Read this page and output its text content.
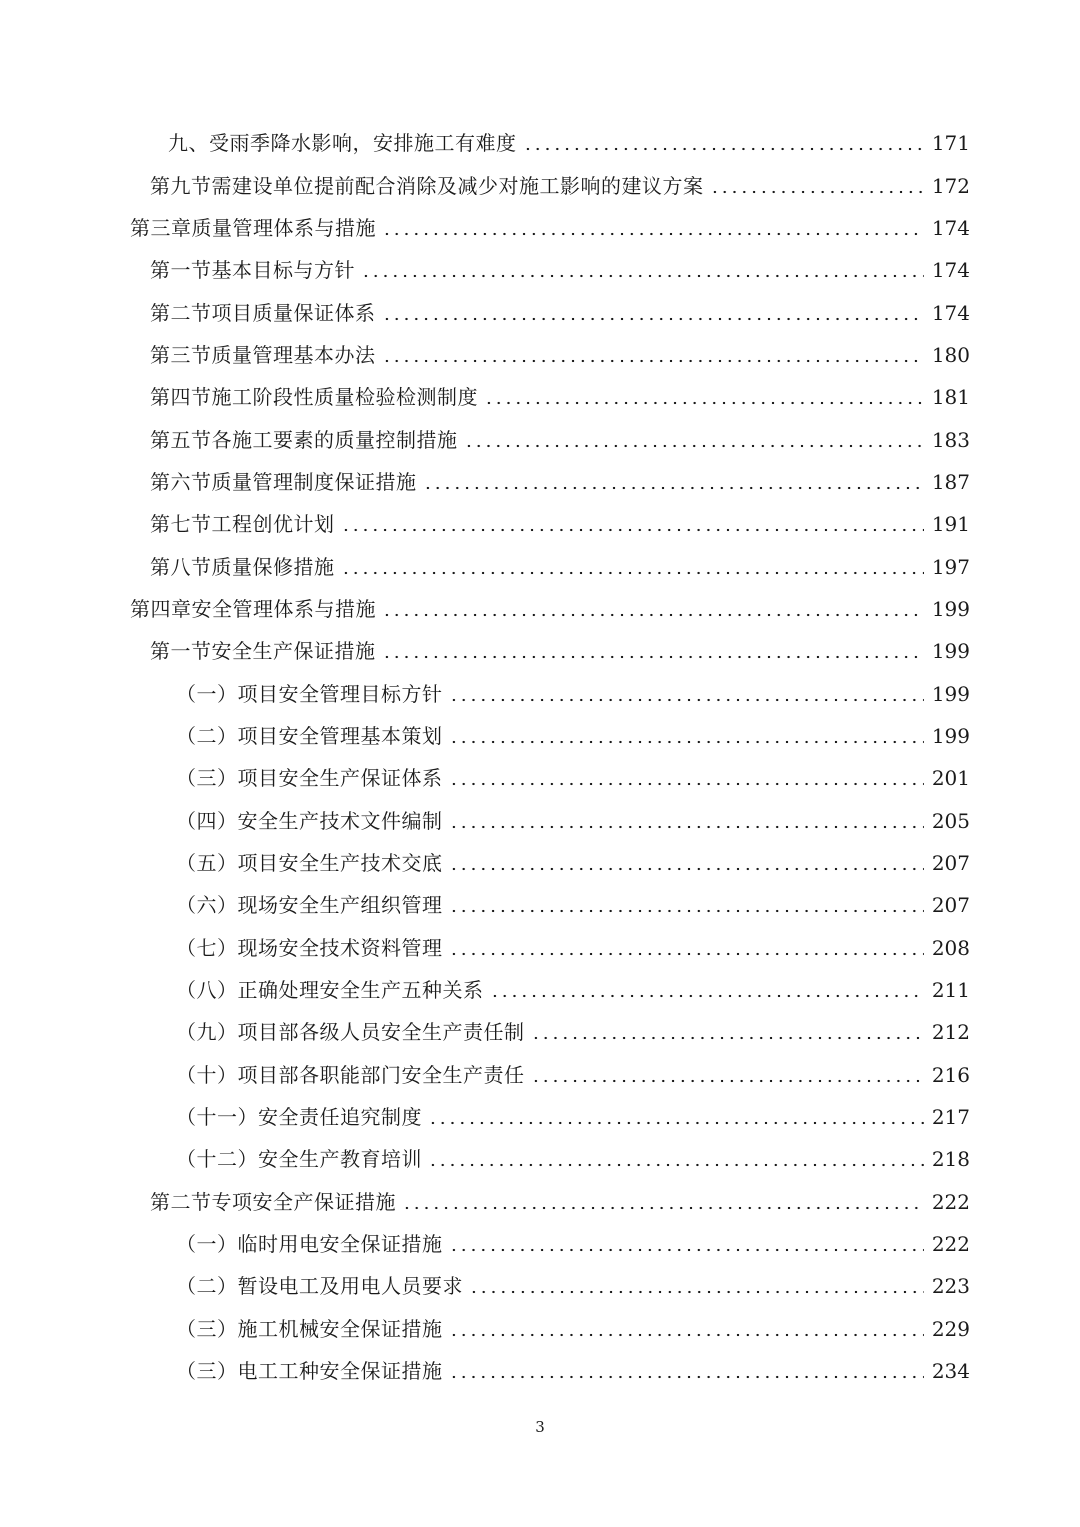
九、受雨季降水影响，安排施工有难度	171
第九节需建设单位提前配合消除及减少对施工影响的建议方案	172
第三章质量管理体系与措施	174
第一节基本目标与方针	174
第二节项目质量保证体系	174
第三节质量管理基本办法	180
第四节施工阶段性质量检验检测制度	181
第五节各施工要素的质量控制措施	183
第六节质量管理制度保证措施	187
第七节工程创优计划	191
第八节质量保修措施	197
第四章安全管理体系与措施	199
第一节安全生产保证措施	199
（一）项目安全管理目标方针	199
（二）项目安全管理基本策划	199
（三）项目安全生产保证体系	201
（四）安全生产技术文件编制	205
（五）项目安全生产技术交底	207
（六）现场安全生产组织管理	207
（七）现场安全技术资料管理	208
（八）正确处理安全生产五种关系	211
（九）项目部各级人员安全生产责任制	212
（十）项目部各职能部门安全生产责任	216
（十一）安全责任追究制度	217
（十二）安全生产教育培训	218
第二节专项安全产保证措施	222
（一）临时用电安全保证措施	222
（二）暂设电工及用电人员要求	223
（三）施工机械安全保证措施	229
（三）电工工种安全保证措施	234
3
